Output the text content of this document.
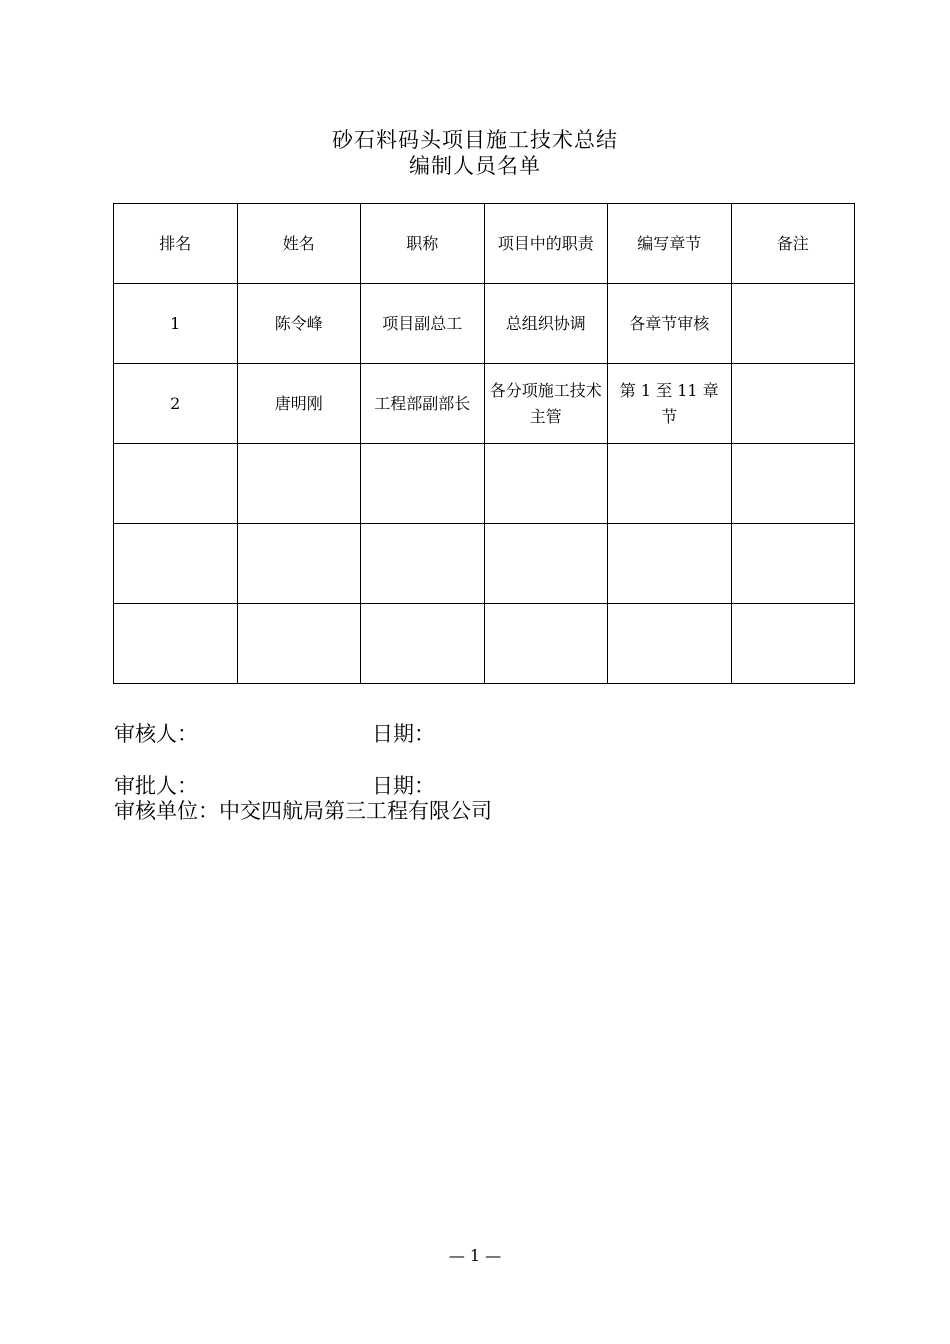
砂石料码头项目施工技术总结
编制人员名单
排名	姓名	职称	项目中的职责	编写章节	备注
1	陈令峰	项目副总工	总组织协调	各章节审核	
2	唐明刚	工程部副部长	各分项施工技术主管	第 1 至 11 章节	

审核人：	日期：
审批人：	日期：
审核单位：中交四航局第三工程有限公司
— 1 —
